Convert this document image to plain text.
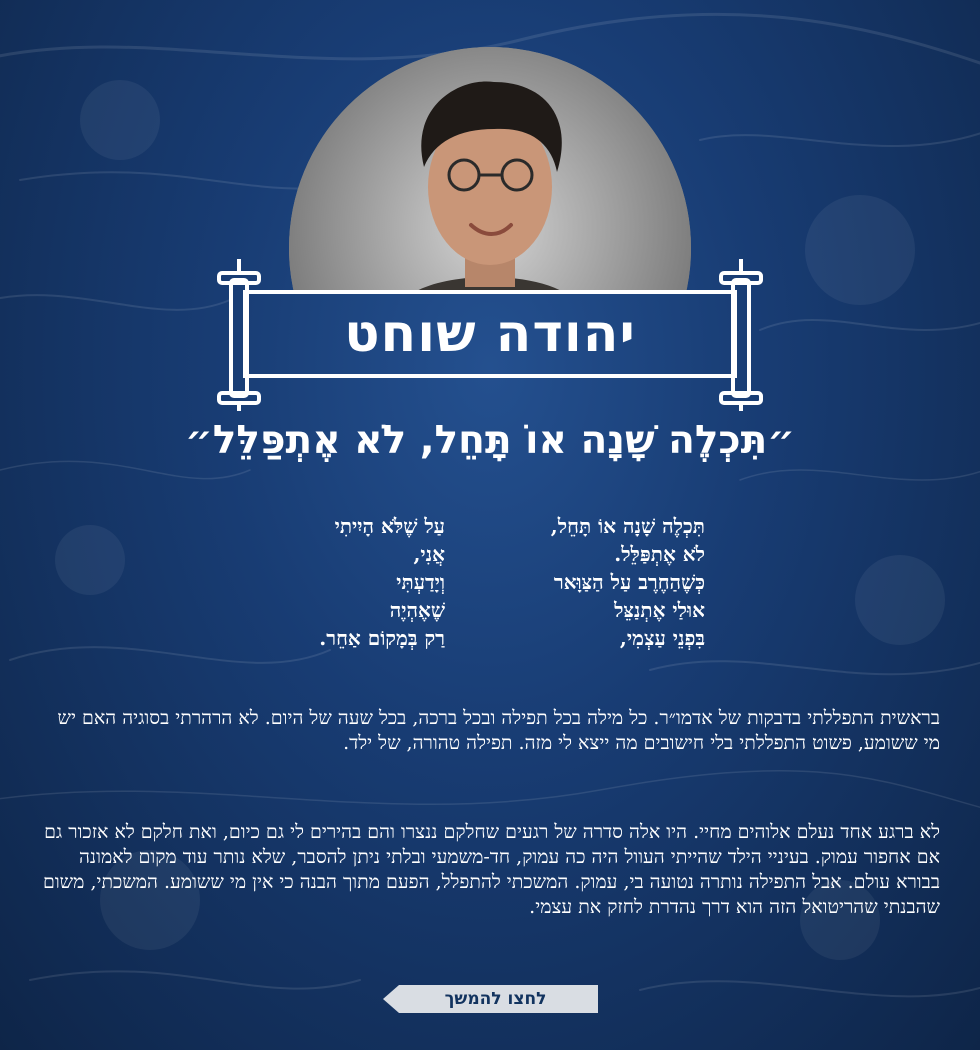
יהודה שוחט
״תִּכְלֶה שָׁנָה אוֹ תָּחֵל, לֹא אֶתְפַּלֵּל״
תִּכְלֶה שָׁנָה אוֹ תָּחֵל,
לֹא אֶתְפַּלֵּל.
כְּשֶׁהַחֶרֶב עַל הַצַּוָּאר
אוּלַי אֶתְנַצֵּל
בִּפְנֵי עַצְמִי,
עַל שֶׁלֹּא הָיִיתִי
אֲנִי,
וְיָדַעְתִּי
שֶׁאֶהְיֶה
רַק בְּמָקוֹם אַחֵר.
בראשית התפללתי בדבקות של אדמו״ר. כל מילה בכל תפילה ובכל ברכה, בכל שעה של היום. לא הרהרתי בסוגיה האם יש מי ששומע, פשוט התפללתי בלי חישובים מה ייצא לי מזה. תפילה טהורה, של ילד.
לא ברגע אחד נעלם אלוהים מחיי. היו אלה סדרה של רגעים שחלקם ננצרו והם בהירים לי גם כיום, ואת חלקם לא אזכור גם אם אחפור עמוק. בעיניי הילד שהייתי העוול היה כה עמוק, חד-משמעי ובלתי ניתן להסבר, שלא נותר עוד מקום לאמונה בבורא עולם. אבל התפילה נותרה נטועה בי, עמוק. המשכתי להתפלל, הפעם מתוך הבנה כי אין מי ששומע. המשכתי, משום שהבנתי שהריטואל הזה הוא דרך נהדרת לחזק את עצמי.
לחצו להמשך
